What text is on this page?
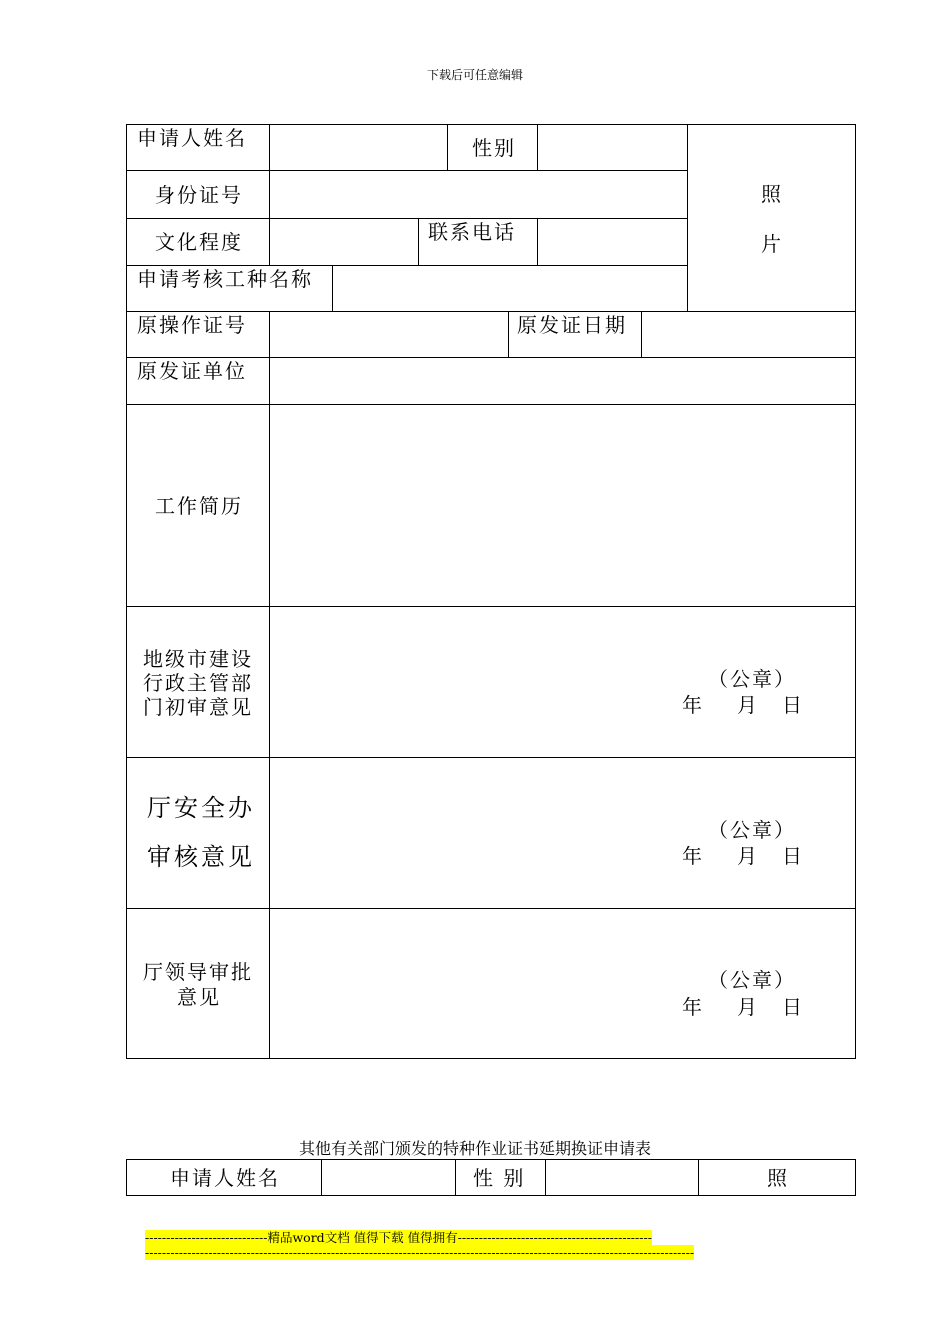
下载后可任意编辑
申请人姓名	性别
照
片
身份证号
文化程度	联系电话
申请考核工种名称
原操作证号	原发证日期
原发证单位
工作简历
地级市建设
行政主管部
门初审意见
（公章）
年 月 日
厅安全办
审核意见
（公章）
年 月 日
厅领导审批
意见
（公章）
年 月 日
其他有关部门颁发的特种作业证书延期换证申请表
申请人姓名	性 别	照
-----------------------------精品word文档 值得下载 值得拥有----------------------------------------------
----------------------------------------------------------------------------------------------------------------------------------
